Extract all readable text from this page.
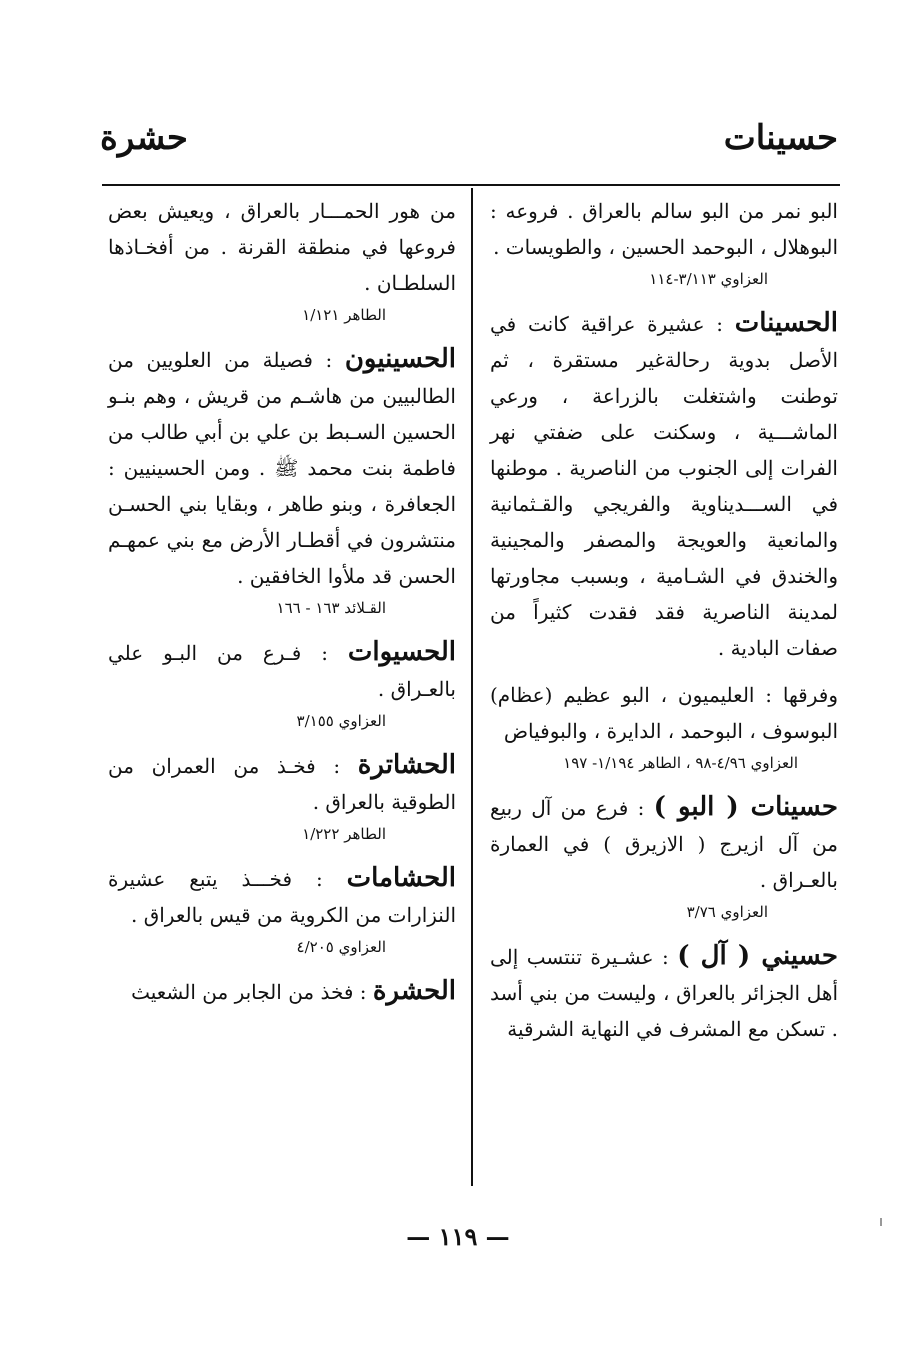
حسينات
حشرة
البو نمر من البو سالم بالعراق . فروعه : البوهلال ، البوحمد الحسين ، والطويسات .
العزاوي ٣/١١٣-١١٤
الحسينات : عشيرة عراقية كانت في الأصل بدوية رحالةغير مستقرة ، ثم توطنت واشتغلت بالزراعة ، ورعي الماشـــية ، وسكنت على ضفتي نهر الفرات إلى الجنوب من الناصرية . موطنها في الســـديناوية والفريجي والقـثمانية والمانعية والعويجة والمصفر والمجينية والخندق في الشـامية ، وبسبب مجاورتها لمدينة الناصرية فقد فقدت كثيراً من صفات البادية .
وفرقها : العليميون ، البو عظيم (عظام) البوسوف ، البوحمد ، الدايرة ، والبوفياض
العزاوي ٤/٩٦-٩٨ ، الطاهر ١/١٩٤- ١٩٧
حسينات ( البو ) : فرع من آل ربيع من آل ازيرج ( الازيرق ) في العمارة بالعـراق .
العزاوي ٣/٧٦
حسيني ( آل ) : عشـيرة تنتسب إلى أهل الجزائر بالعراق ، وليست من بني أسد . تسكن مع المشرف في النهاية الشرقية
من هور الحمـــار بالعراق ، ويعيش بعض فروعها في منطقة القرنة . من أفخـاذها السلطـان .
الطاهر ١/١٢١
الحسينيون : فصيلة من العلويين من الطالبيين من هاشـم من قريش ، وهم بنـو الحسين السـبط بن علي بن أبي طالب من فاطمة بنت محمد ﷺ . ومن الحسينيين : الجعافرة ، وبنو طاهر ، وبقايا بني الحسـن منتشرون في أقطـار الأرض مع بني عمهـم الحسن قد ملأوا الخافقين .
القـلائد ١٦٣ - ١٦٦
الحسيوات : فـرع من البـو علي بالعـراق .
العزاوي ٣/١٥٥
الحشاترة : فخـذ من العمران من الطوقية بالعراق .
الطاهر ١/٢٢٢
الحشامات : فخـــذ يتبع عشيرة النزارات من الكروية من قيس بالعراق .
العزاوي ٤/٢٠٥
الحشرة : فخذ من الجابر من الشعيث
— ١١٩ —
